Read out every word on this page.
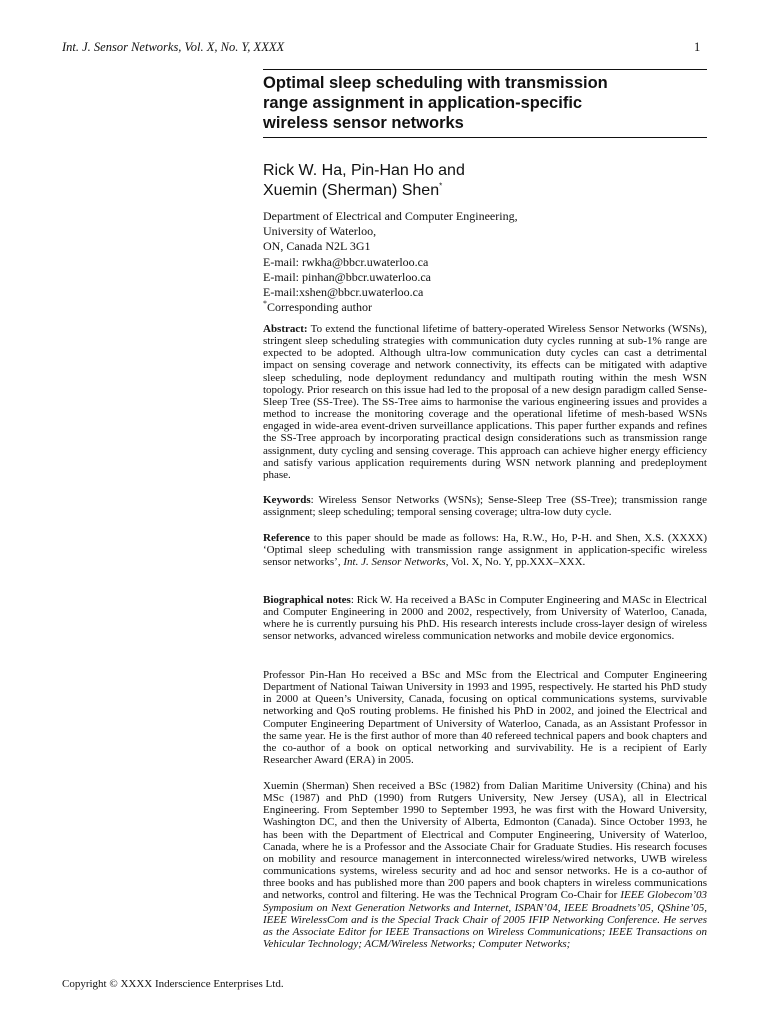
Int. J. Sensor Networks, Vol. X, No. Y, XXXX	1
Optimal sleep scheduling with transmission
range assignment in application-specific
wireless sensor networks
Rick W. Ha, Pin-Han Ho and
Xuemin (Sherman) Shen*
Department of Electrical and Computer Engineering,
University of Waterloo,
ON, Canada N2L 3G1
E-mail: rwkha@bbcr.uwaterloo.ca
E-mail: pinhan@bbcr.uwaterloo.ca
E-mail:xshen@bbcr.uwaterloo.ca
*Corresponding author
Abstract: To extend the functional lifetime of battery-operated Wireless Sensor Networks (WSNs), stringent sleep scheduling strategies with communication duty cycles running at sub-1% range are expected to be adopted. Although ultra-low communication duty cycles can cast a detrimental impact on sensing coverage and network connectivity, its effects can be mitigated with adaptive sleep scheduling, node deployment redundancy and multipath routing within the mesh WSN topology. Prior research on this issue had led to the proposal of a new design paradigm called Sense-Sleep Tree (SS-Tree). The SS-Tree aims to harmonise the various engineering issues and provides a method to increase the monitoring coverage and the operational lifetime of mesh-based WSNs engaged in wide-area event-driven surveillance applications. This paper further expands and refines the SS-Tree approach by incorporating practical design considerations such as transmission range assignment, duty cycling and sensing coverage. This approach can achieve higher energy efficiency and satisfy various application requirements during WSN network planning and predeployment phase.
Keywords: Wireless Sensor Networks (WSNs); Sense-Sleep Tree (SS-Tree); transmission range assignment; sleep scheduling; temporal sensing coverage; ultra-low duty cycle.
Reference to this paper should be made as follows: Ha, R.W., Ho, P-H. and Shen, X.S. (XXXX) ‘Optimal sleep scheduling with transmission range assignment in application-specific wireless sensor networks’, Int. J. Sensor Networks, Vol. X, No. Y, pp.XXX–XXX.
Biographical notes: Rick W. Ha received a BASc in Computer Engineering and MASc in Electrical and Computer Engineering in 2000 and 2002, respectively, from University of Waterloo, Canada, where he is currently pursuing his PhD. His research interests include cross-layer design of wireless sensor networks, advanced wireless communication networks and mobile device ergonomics.
Professor Pin-Han Ho received a BSc and MSc from the Electrical and Computer Engineering Department of National Taiwan University in 1993 and 1995, respectively. He started his PhD study in 2000 at Queen’s University, Canada, focusing on optical communications systems, survivable networking and QoS routing problems. He finished his PhD in 2002, and joined the Electrical and Computer Engineering Department of University of Waterloo, Canada, as an Assistant Professor in the same year. He is the first author of more than 40 refereed technical papers and book chapters and the co-author of a book on optical networking and survivability. He is a recipient of Early Researcher Award (ERA) in 2005.
Xuemin (Sherman) Shen received a BSc (1982) from Dalian Maritime University (China) and his MSc (1987) and PhD (1990) from Rutgers University, New Jersey (USA), all in Electrical Engineering. From September 1990 to September 1993, he was first with the Howard University, Washington DC, and then the University of Alberta, Edmonton (Canada). Since October 1993, he has been with the Department of Electrical and Computer Engineering, University of Waterloo, Canada, where he is a Professor and the Associate Chair for Graduate Studies. His research focuses on mobility and resource management in interconnected wireless/wired networks, UWB wireless communications systems, wireless security and ad hoc and sensor networks. He is a co-author of three books and has published more than 200 papers and book chapters in wireless communications and networks, control and filtering. He was the Technical Program Co-Chair for IEEE Globecom’03 Symposium on Next Generation Networks and Internet, ISPAN’04, IEEE Broadnets’05, QShine’05, IEEE WirelessCom and is the Special Track Chair of 2005 IFIP Networking Conference. He serves as the Associate Editor for IEEE Transactions on Wireless Communications; IEEE Transactions on Vehicular Technology; ACM/Wireless Networks; Computer Networks;
Copyright © XXXX Inderscience Enterprises Ltd.
